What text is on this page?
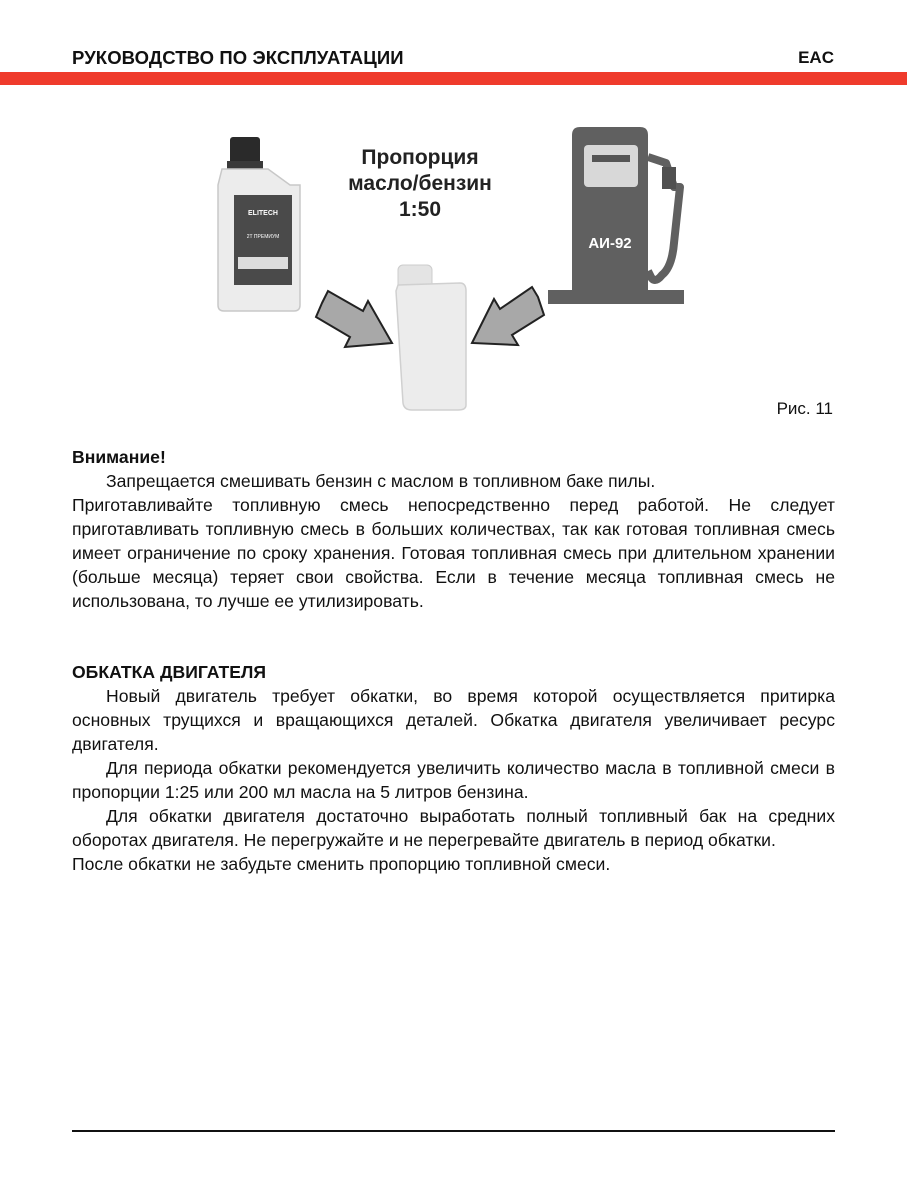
РУКОВОДСТВО ПО ЭКСПЛУАТАЦИИ	EAC
ELITECH
2Т ПРЕМИУМ	АИ-92
Пропорция
масло/бензин
1:50
Рис. 11

Внимание!

Запрещается смешивать бензин с маслом в топливном баке пилы.

Приготавливайте топливную смесь непосредственно перед работой. Не следует приготавливать топливную смесь в больших количествах, так как готовая топливная смесь имеет ограничение по сроку хранения. Готовая топливная смесь при длительном хранении (больше месяца) теряет свои свойства. Если в течение месяца топливная смесь не использована, то лучше ее утилизировать.

ОБКАТКА ДВИГАТЕЛЯ

Новый двигатель требует обкатки, во время которой осуществляется притирка основных трущихся и вращающихся деталей. Обкатка двигателя увеличивает ресурс двигателя.

Для периода обкатки рекомендуется увеличить количество масла в топливной смеси в пропорции 1:25 или 200 мл масла на 5 литров бензина.

Для обкатки двигателя достаточно выработать полный топливный бак на средних оборотах двигателя. Не перегружайте и не перегревайте двигатель в период обкатки.

После обкатки не забудьте сменить пропорцию топливной смеси.
